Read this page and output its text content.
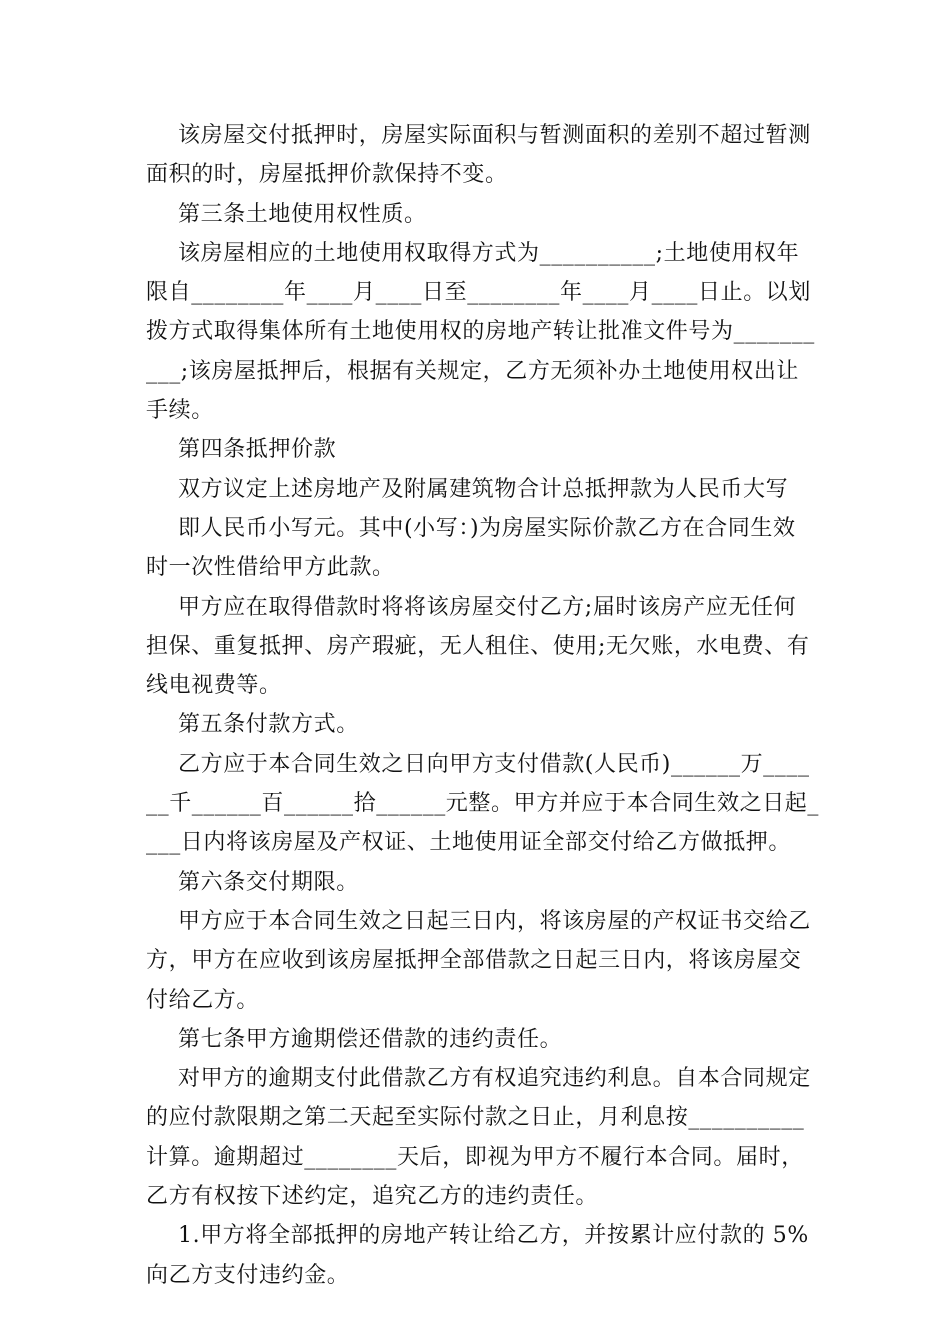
该房屋交付抵押时，房屋实际面积与暂测面积的差别不超过暂测
面积的时，房屋抵押价款保持不变。
第三条土地使用权性质。
该房屋相应的土地使用权取得方式为__________;土地使用权年
限自________年____月____日至________年____月____日止。以划
拨方式取得集体所有土地使用权的房地产转让批准文件号为_______
___;该房屋抵押后，根据有关规定，乙方无须补办土地使用权出让
手续。
第四条抵押价款
双方议定上述房地产及附属建筑物合计总抵押款为人民币大写
即人民币小写元。其中(小写：)为房屋实际价款乙方在合同生效
时一次性借给甲方此款。
甲方应在取得借款时将将该房屋交付乙方;届时该房产应无任何
担保、重复抵押、房产瑕疵，无人租住、使用;无欠账，水电费、有
线电视费等。
第五条付款方式。
乙方应于本合同生效之日向甲方支付借款(人民币)______万____
__千______百______拾______元整。甲方并应于本合同生效之日起_
___日内将该房屋及产权证、土地使用证全部交付给乙方做抵押。
第六条交付期限。
甲方应于本合同生效之日起三日内，将该房屋的产权证书交给乙
方，甲方在应收到该房屋抵押全部借款之日起三日内，将该房屋交
付给乙方。
第七条甲方逾期偿还借款的违约责任。
对甲方的逾期支付此借款乙方有权追究违约利息。自本合同规定
的应付款限期之第二天起至实际付款之日止，月利息按__________
计算。逾期超过________天后，即视为甲方不履行本合同。届时，
乙方有权按下述约定，追究乙方的违约责任。
1.甲方将全部抵押的房地产转让给乙方，并按累计应付款的 5%
向乙方支付违约金。
